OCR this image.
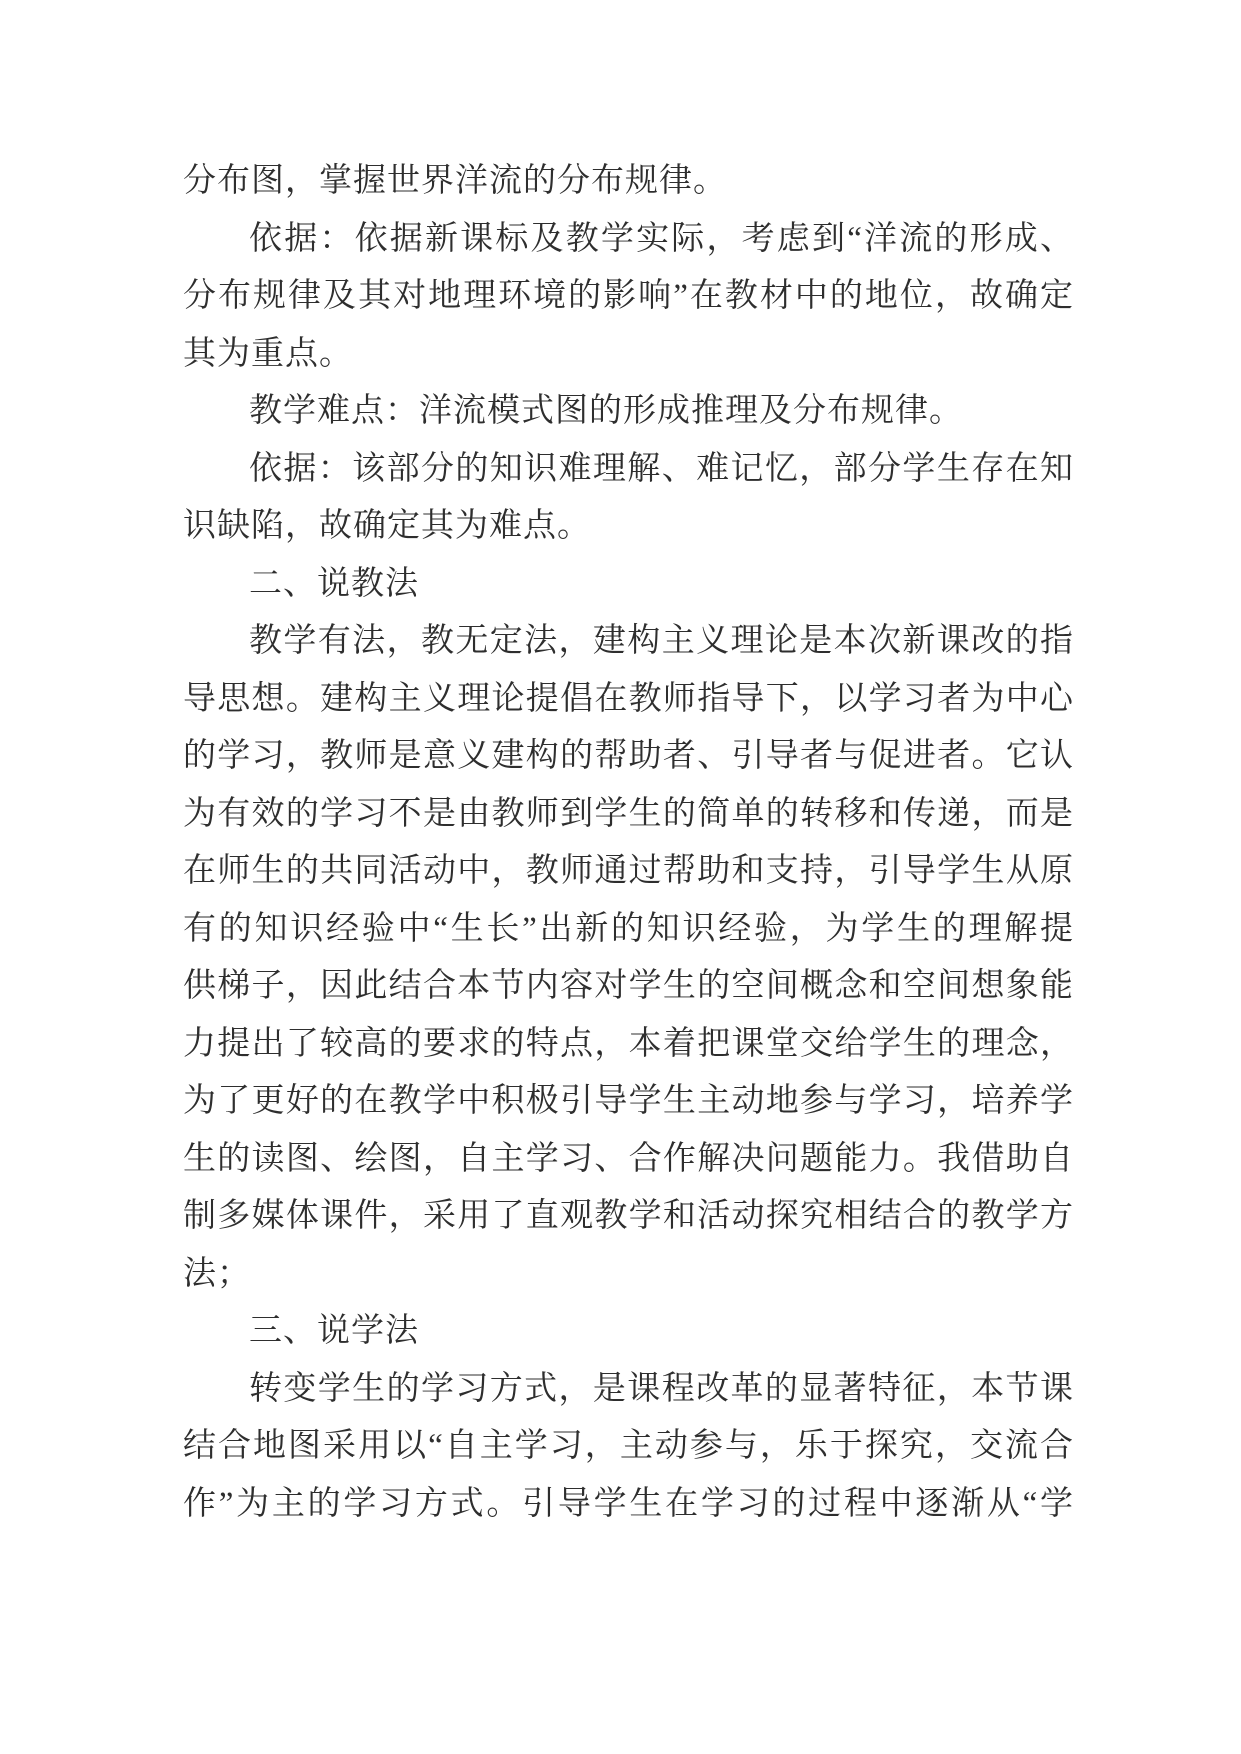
分布图，掌握世界洋流的分布规律。
依据：依据新课标及教学实际，考虑到“洋流的形成、
分布规律及其对地理环境的影响”在教材中的地位，故确定
其为重点。
教学难点：洋流模式图的形成推理及分布规律。
依据：该部分的知识难理解、难记忆，部分学生存在知
识缺陷，故确定其为难点。
二、说教法
教学有法，教无定法，建构主义理论是本次新课改的指
导思想。建构主义理论提倡在教师指导下，以学习者为中心
的学习，教师是意义建构的帮助者、引导者与促进者。它认
为有效的学习不是由教师到学生的简单的转移和传递，而是
在师生的共同活动中，教师通过帮助和支持，引导学生从原
有的知识经验中“生长”出新的知识经验，为学生的理解提
供梯子，因此结合本节内容对学生的空间概念和空间想象能
力提出了较高的要求的特点，本着把课堂交给学生的理念，
为了更好的在教学中积极引导学生主动地参与学习，培养学
生的读图、绘图，自主学习、合作解决问题能力。我借助自
制多媒体课件，采用了直观教学和活动探究相结合的教学方
法；
三、说学法
转变学生的学习方式，是课程改革的显著特征，本节课
结合地图采用以“自主学习，主动参与，乐于探究，交流合
作”为主的学习方式。引导学生在学习的过程中逐渐从“学
